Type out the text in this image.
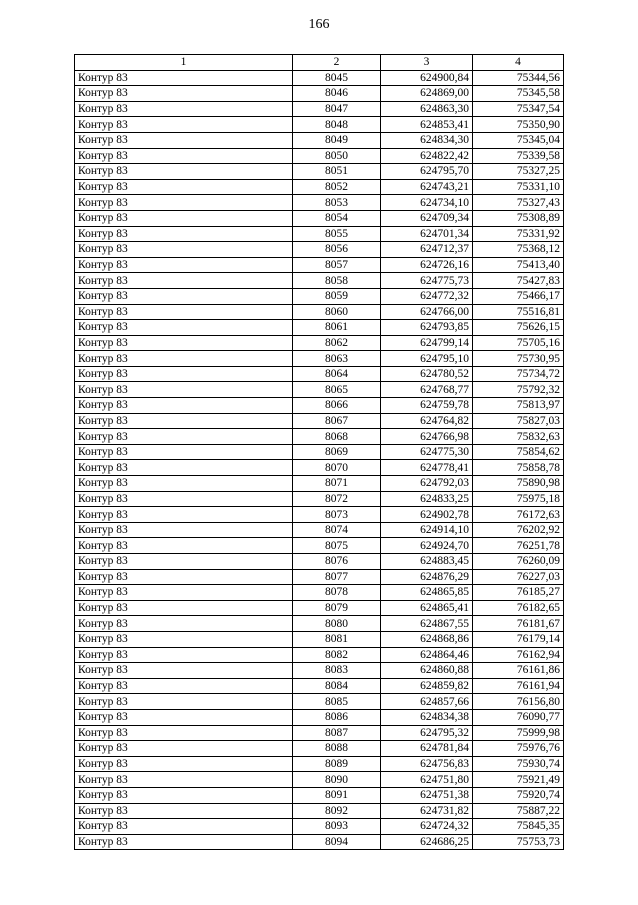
166
1	2	3	4
Контур 83	8045	624900,84	75344,56
Контур 83	8046	624869,00	75345,58
Контур 83	8047	624863,30	75347,54
Контур 83	8048	624853,41	75350,90
Контур 83	8049	624834,30	75345,04
Контур 83	8050	624822,42	75339,58
Контур 83	8051	624795,70	75327,25
Контур 83	8052	624743,21	75331,10
Контур 83	8053	624734,10	75327,43
Контур 83	8054	624709,34	75308,89
Контур 83	8055	624701,34	75331,92
Контур 83	8056	624712,37	75368,12
Контур 83	8057	624726,16	75413,40
Контур 83	8058	624775,73	75427,83
Контур 83	8059	624772,32	75466,17
Контур 83	8060	624766,00	75516,81
Контур 83	8061	624793,85	75626,15
Контур 83	8062	624799,14	75705,16
Контур 83	8063	624795,10	75730,95
Контур 83	8064	624780,52	75734,72
Контур 83	8065	624768,77	75792,32
Контур 83	8066	624759,78	75813,97
Контур 83	8067	624764,82	75827,03
Контур 83	8068	624766,98	75832,63
Контур 83	8069	624775,30	75854,62
Контур 83	8070	624778,41	75858,78
Контур 83	8071	624792,03	75890,98
Контур 83	8072	624833,25	75975,18
Контур 83	8073	624902,78	76172,63
Контур 83	8074	624914,10	76202,92
Контур 83	8075	624924,70	76251,78
Контур 83	8076	624883,45	76260,09
Контур 83	8077	624876,29	76227,03
Контур 83	8078	624865,85	76185,27
Контур 83	8079	624865,41	76182,65
Контур 83	8080	624867,55	76181,67
Контур 83	8081	624868,86	76179,14
Контур 83	8082	624864,46	76162,94
Контур 83	8083	624860,88	76161,86
Контур 83	8084	624859,82	76161,94
Контур 83	8085	624857,66	76156,80
Контур 83	8086	624834,38	76090,77
Контур 83	8087	624795,32	75999,98
Контур 83	8088	624781,84	75976,76
Контур 83	8089	624756,83	75930,74
Контур 83	8090	624751,80	75921,49
Контур 83	8091	624751,38	75920,74
Контур 83	8092	624731,82	75887,22
Контур 83	8093	624724,32	75845,35
Контур 83	8094	624686,25	75753,73
